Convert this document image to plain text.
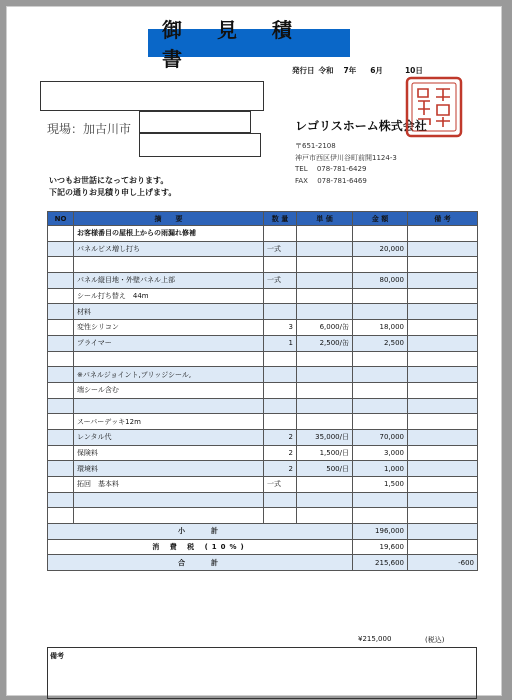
御 見 積 書	発行日 令和 7年 6月	10日
現場：加古川市	レゴリスホーム株式会社
〒651-2108
神戸市西区伊川谷町前開1124-3
TEL　 078-781-6429
FAX　 078-781-6469
いつもお世話になっております。
下記の通りお見積り申し上げます。
NO	摘　　要	数 量	単 価	金 額	備 考
	お客様番目の屋根上からの雨漏れ修補				
	パネルビス増し打ち	一式		20,000	

	パネル縦目地・外壁パネル上部	一式		80,000	
	シール打ち替え　44m				
	材料				
	変性シリコン	3	6,000/缶	18,000	
	プライマー	1	2,500/缶	2,500	

	※パネルジョイント,ブリッジシール,				
	端シール含む				

	スーパーデッキ12m				
	レンタル代	2	35,000/日	70,000	
	保険料	2	1,500/日	3,000	
	環境料	2	500/日	1,000	
	拓回　基本料	一式		1,500	

小　　計				196,000	
消 費 税 (10%)				19,600	
合　　計				215,600	-600
¥215,000	(税込)
備考
